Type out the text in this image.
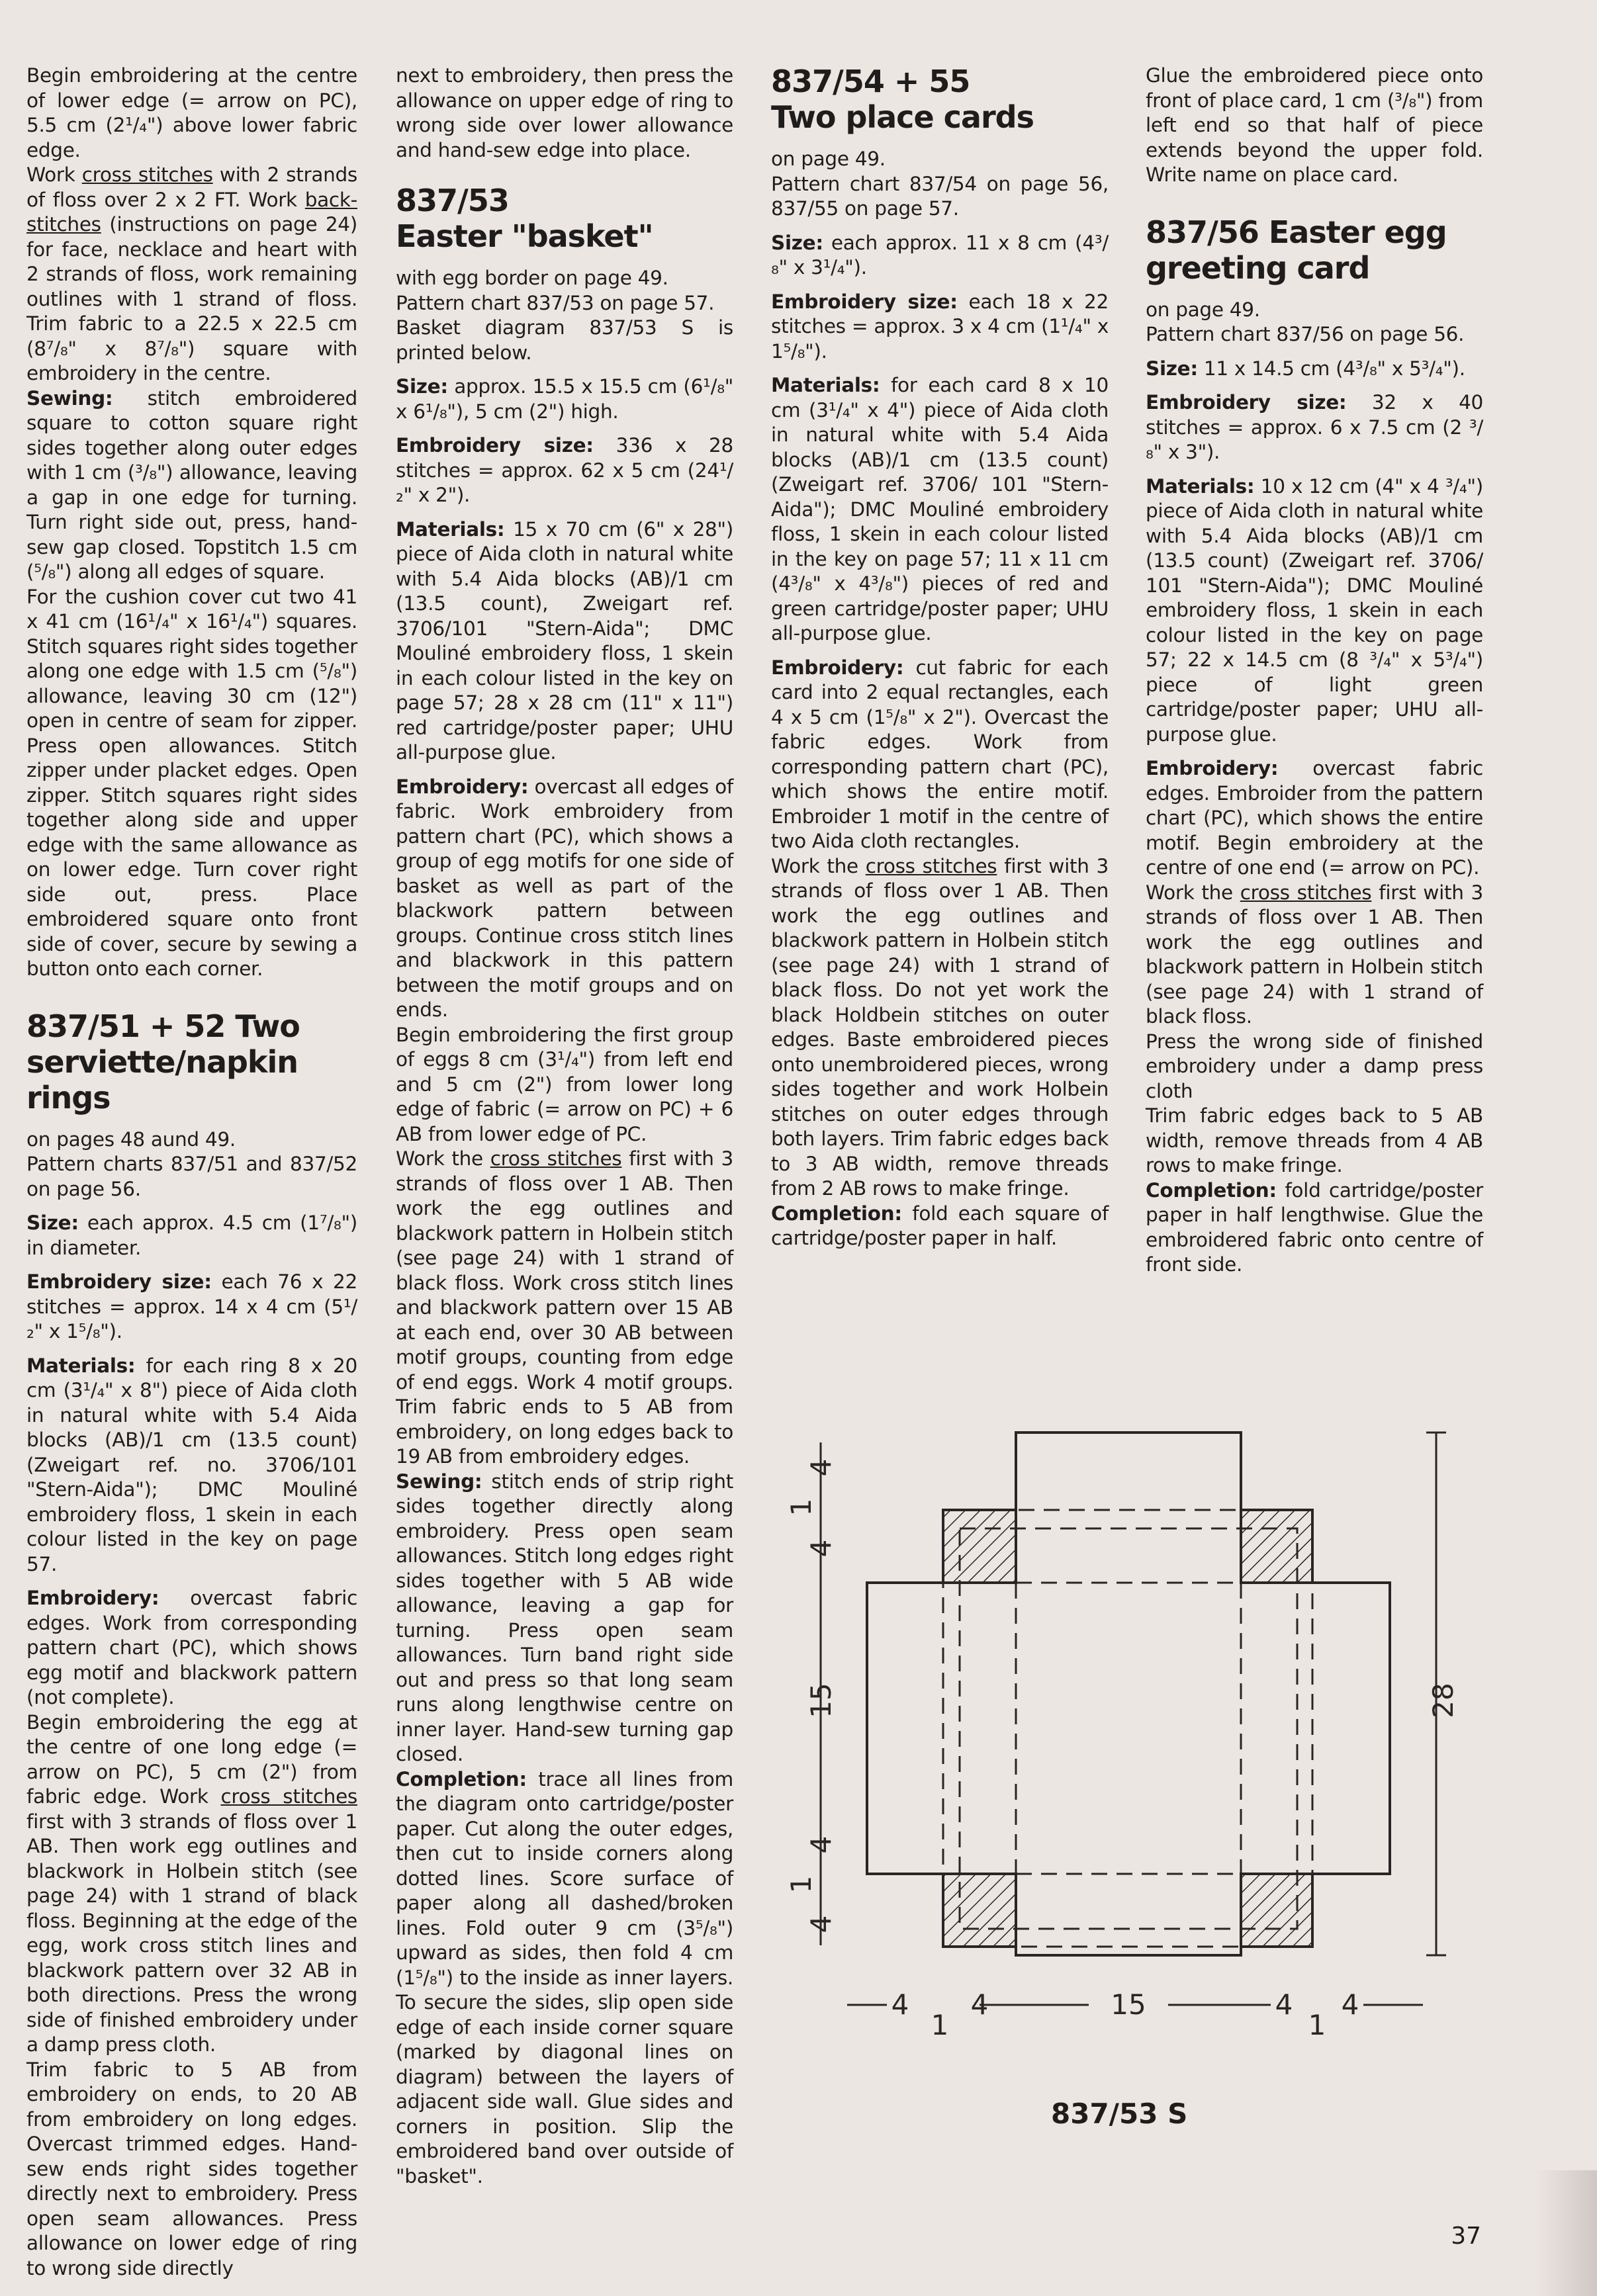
Begin embroidering at the centre of lower edge (= arrow on PC), 5.5 cm (2¹/₄") above lower fabric edge.

Work cross stitches with 2 strands of floss over 2 x 2 FT. Work back-stitches (instructions on page 24) for face, necklace and heart with 2 strands of floss, work remaining outlines with 1 strand of floss. Trim fabric to a 22.5 x 22.5 cm (8⁷/₈" x 8⁷/₈") square with embroidery in the centre.

Sewing: stitch embroidered square to cotton square right sides together along outer edges with 1 cm (³/₈") allowance, leaving a gap in one edge for turning. Turn right side out, press, hand-sew gap closed. Topstitch 1.5 cm (⁵/₈") along all edges of square.

For the cushion cover cut two 41 x 41 cm (16¹/₄" x 16¹/₄") squares. Stitch squares right sides together along one edge with 1.5 cm (⁵/₈") allowance, leaving 30 cm (12") open in centre of seam for zipper. Press open allowances. Stitch zipper under placket edges. Open zipper. Stitch squares right sides together along side and upper edge with the same allowance as on lower edge. Turn cover right side out, press. Place embroidered square onto front side of cover, secure by sewing a button onto each corner.

837/51 + 52 Two
serviette/napkin rings

on pages 48 aund 49.

Pattern charts 837/51 and 837/52 on page 56.

Size: each approx. 4.5 cm (1⁷/₈") in diameter.

Embroidery size: each 76 x 22 stitches = approx. 14 x 4 cm (5¹/₂" x 1⁵/₈").

Materials: for each ring 8 x 20 cm (3¹/₄" x 8") piece of Aida cloth in natural white with 5.4 Aida blocks (AB)/1 cm (13.5 count) (Zweigart ref. no. 3706/101 "Stern-Aida"); DMC Mouliné embroidery floss, 1 skein in each colour listed in the key on page 57.

Embroidery: overcast fabric edges. Work from corresponding pattern chart (PC), which shows egg motif and blackwork pattern (not complete).

Begin embroidering the egg at the centre of one long edge (= arrow on PC), 5 cm (2") from fabric edge. Work cross stitches first with 3 strands of floss over 1 AB. Then work egg outlines and blackwork in Holbein stitch (see page 24) with 1 strand of black floss. Beginning at the edge of the egg, work cross stitch lines and blackwork pattern over 32 AB in both directions. Press the wrong side of finished embroidery under a damp press cloth.

Trim fabric to 5 AB from embroidery on ends, to 20 AB from embroidery on long edges. Overcast trimmed edges. Hand-sew ends right sides together directly next to embroidery. Press open seam allowances. Press allowance on lower edge of ring to wrong side directly

next to embroidery, then press the allowance on upper edge of ring to wrong side over lower allowance and hand-sew edge into place.

837/53
Easter "basket"

with egg border on page 49.

Pattern chart 837/53 on page 57.

Basket diagram 837/53 S is printed below.

Size: approx. 15.5 x 15.5 cm (6¹/₈" x 6¹/₈"), 5 cm (2") high.

Embroidery size: 336 x 28 stitches = approx. 62 x 5 cm (24¹/₂" x 2").

Materials: 15 x 70 cm (6" x 28") piece of Aida cloth in natural white with 5.4 Aida blocks (AB)/1 cm (13.5 count), Zweigart ref. 3706/101 "Stern-Aida"; DMC Mouliné embroidery floss, 1 skein in each colour listed in the key on page 57; 28 x 28 cm (11" x 11") red cartridge/poster paper; UHU all-purpose glue.

Embroidery: overcast all edges of fabric. Work embroidery from pattern chart (PC), which shows a group of egg motifs for one side of basket as well as part of the blackwork pattern between groups. Continue cross stitch lines and blackwork in this pattern between the motif groups and on ends.

Begin embroidering the first group of eggs 8 cm (3¹/₄") from left end and 5 cm (2") from lower long edge of fabric (= arrow on PC) + 6 AB from lower edge of PC.

Work the cross stitches first with 3 strands of floss over 1 AB. Then work the egg outlines and blackwork pattern in Holbein stitch (see page 24) with 1 strand of black floss. Work cross stitch lines and blackwork pattern over 15 AB at each end, over 30 AB between motif groups, counting from edge of end eggs. Work 4 motif groups. Trim fabric ends to 5 AB from embroidery, on long edges back to 19 AB from embroidery edges.

Sewing: stitch ends of strip right sides together directly along embroidery. Press open seam allowances. Stitch long edges right sides together with 5 AB wide allowance, leaving a gap for turning. Press open seam allowances. Turn band right side out and press so that long seam runs along lengthwise centre on inner layer. Hand-sew turning gap closed.

Completion: trace all lines from the diagram onto cartridge/poster paper. Cut along the outer edges, then cut to inside corners along dotted lines. Score surface of paper along all dashed/broken lines. Fold outer 9 cm (3⁵/₈") upward as sides, then fold 4 cm (1⁵/₈") to the inside as inner layers. To secure the sides, slip open side edge of each inside corner square (marked by diagonal lines on diagram) between the layers of adjacent side wall. Glue sides and corners in position. Slip the embroidered band over outside of "basket".

837/54 + 55
Two place cards

on page 49.

Pattern chart 837/54 on page 56, 837/55 on page 57.

Size: each approx. 11 x 8 cm (4³/₈" x 3¹/₄").

Embroidery size: each 18 x 22 stitches = approx. 3 x 4 cm (1¹/₄" x 1⁵/₈").

Materials: for each card 8 x 10 cm (3¹/₄" x 4") piece of Aida cloth in natural white with 5.4 Aida blocks (AB)/1 cm (13.5 count) (Zweigart ref. 3706/ 101 "Stern-Aida"); DMC Mouliné embroidery floss, 1 skein in each colour listed in the key on page 57; 11 x 11 cm (4³/₈" x 4³/₈") pieces of red and green cartridge/poster paper; UHU all-purpose glue.

Embroidery: cut fabric for each card into 2 equal rectangles, each 4 x 5 cm (1⁵/₈" x 2"). Overcast the fabric edges. Work from corresponding pattern chart (PC), which shows the entire motif. Embroider 1 motif in the centre of two Aida cloth rectangles.

Work the cross stitches first with 3 strands of floss over 1 AB. Then work the egg outlines and blackwork pattern in Holbein stitch (see page 24) with 1 strand of black floss. Do not yet work the black Holdbein stitches on outer edges. Baste embroidered pieces onto unembroidered pieces, wrong sides together and work Holbein stitches on outer edges through both layers. Trim fabric edges back to 3 AB width, remove threads from 2 AB rows to make fringe.

Completion: fold each square of cartridge/poster paper in half.

Glue the embroidered piece onto front of place card, 1 cm (³/₈") from left end so that half of piece extends beyond the upper fold. Write name on place card.

837/56 Easter egg
greeting card

on page 49.

Pattern chart 837/56 on page 56.

Size: 11 x 14.5 cm (4³/₈" x 5³/₄").

Embroidery size: 32 x 40 stitches = approx. 6 x 7.5 cm (2 ³/₈" x 3").

Materials: 10 x 12 cm (4" x 4 ³/₄") piece of Aida cloth in natural white with 5.4 Aida blocks (AB)/1 cm (13.5 count) (Zweigart ref. 3706/ 101 "Stern-Aida"); DMC Mouliné embroidery floss, 1 skein in each colour listed in the key on page 57; 22 x 14.5 cm (8 ³/₄" x 5³/₄") piece of light green cartridge/poster paper; UHU all-purpose glue.

Embroidery: overcast fabric edges. Embroider from the pattern chart (PC), which shows the entire motif. Begin embroidery at the centre of one end (= arrow on PC).

Work the cross stitches first with 3 strands of floss over 1 AB. Then work the egg outlines and blackwork pattern in Holbein stitch (see page 24) with 1 strand of black floss.

Press the wrong side of finished embroidery under a damp press cloth

Trim fabric edges back to 5 AB width, remove threads from 4 AB rows to make fringe.

Completion: fold cartridge/poster paper in half lengthwise. Glue the embroidered fabric onto centre of front side.

28
15
4
1
4
4
1
4
4 4
1
15	4 4
1
837/53 S
37
